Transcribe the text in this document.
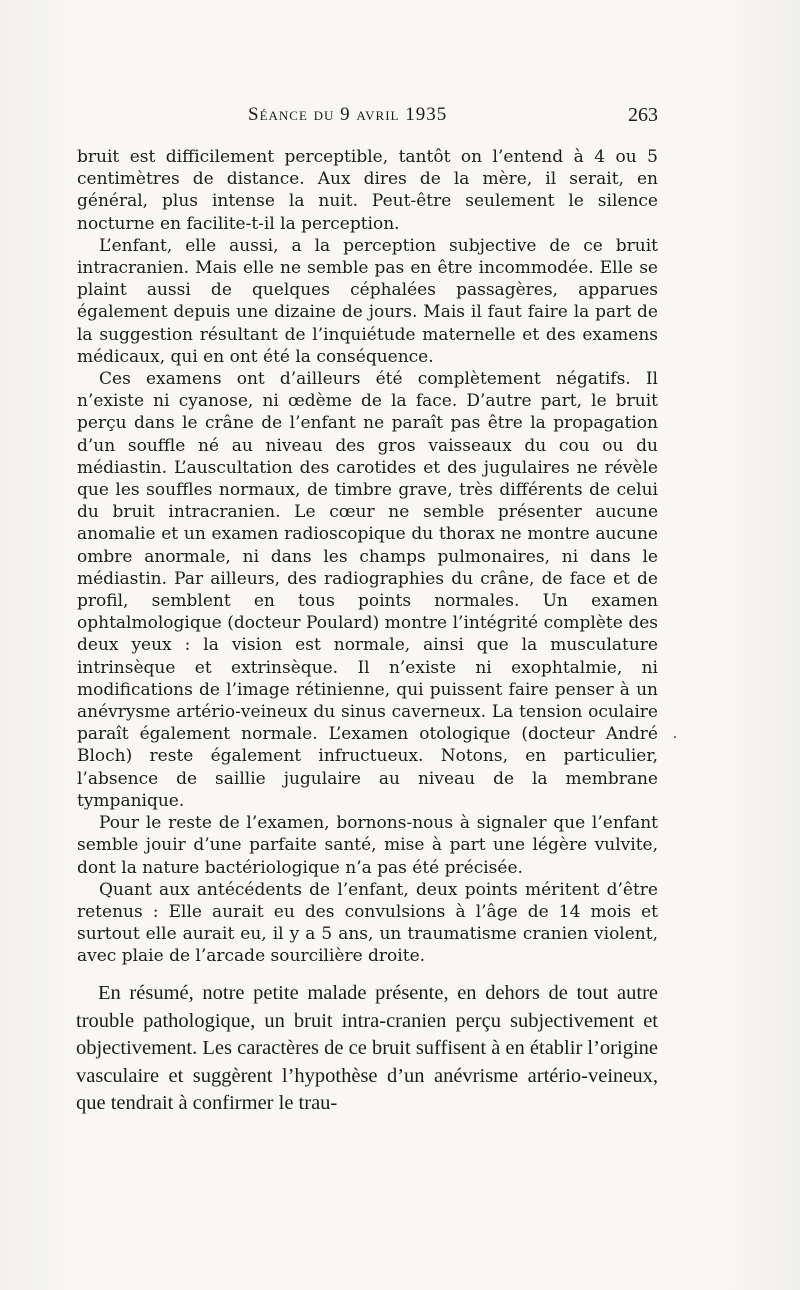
Séance du 9 avril 1935	263

bruit est difficilement perceptible, tantôt on l’entend à 4 ou 5 centimètres de distance. Aux dires de la mère, il serait, en général, plus intense la nuit. Peut-être seulement le silence nocturne en facilite-t-il la perception.

L’enfant, elle aussi, a la perception subjective de ce bruit intracranien. Mais elle ne semble pas en être incommodée. Elle se plaint aussi de quelques céphalées passagères, apparues également depuis une dizaine de jours. Mais il faut faire la part de la suggestion résultant de l’inquiétude maternelle et des examens médicaux, qui en ont été la conséquence.

Ces examens ont d’ailleurs été complètement négatifs. Il n’existe ni cyanose, ni œdème de la face. D’autre part, le bruit perçu dans le crâne de l’enfant ne paraît pas être la propagation d’un souffle né au niveau des gros vaisseaux du cou ou du médiastin. L’auscultation des carotides et des jugulaires ne révèle que les souffles normaux, de timbre grave, très différents de celui du bruit intracranien. Le cœur ne semble présenter aucune anomalie et un examen radioscopique du thorax ne montre aucune ombre anormale, ni dans les champs pulmonaires, ni dans le médiastin. Par ailleurs, des radiographies du crâne, de face et de profil, semblent en tous points normales. Un examen ophtalmologique (docteur Poulard) montre l’intégrité complète des deux yeux : la vision est normale, ainsi que la musculature intrinsèque et extrinsèque. Il n’existe ni exophtalmie, ni modifications de l’image rétinienne, qui puissent faire penser à un anévrysme artério-veineux du sinus caverneux. La tension oculaire paraît également normale. L’examen otologique (docteur André Bloch) reste également infructueux. Notons, en particulier, l’absence de saillie jugulaire au niveau de la membrane tympanique.

Pour le reste de l’examen, bornons-nous à signaler que l’enfant semble jouir d’une parfaite santé, mise à part une légère vulvite, dont la nature bactériologique n’a pas été précisée.

Quant aux antécédents de l’enfant, deux points méritent d’être retenus : Elle aurait eu des convulsions à l’âge de 14 mois et surtout elle aurait eu, il y a 5 ans, un traumatisme cranien violent, avec plaie de l’arcade sourcilière droite.

.

En résumé, notre petite malade présente, en dehors de tout autre trouble pathologique, un bruit intra-cranien perçu subjectivement et objectivement. Les caractères de ce bruit suffisent à en établir l’origine vasculaire et suggèrent l’hypothèse d’un anévrisme artério-veineux, que tendrait à confirmer le trau-
